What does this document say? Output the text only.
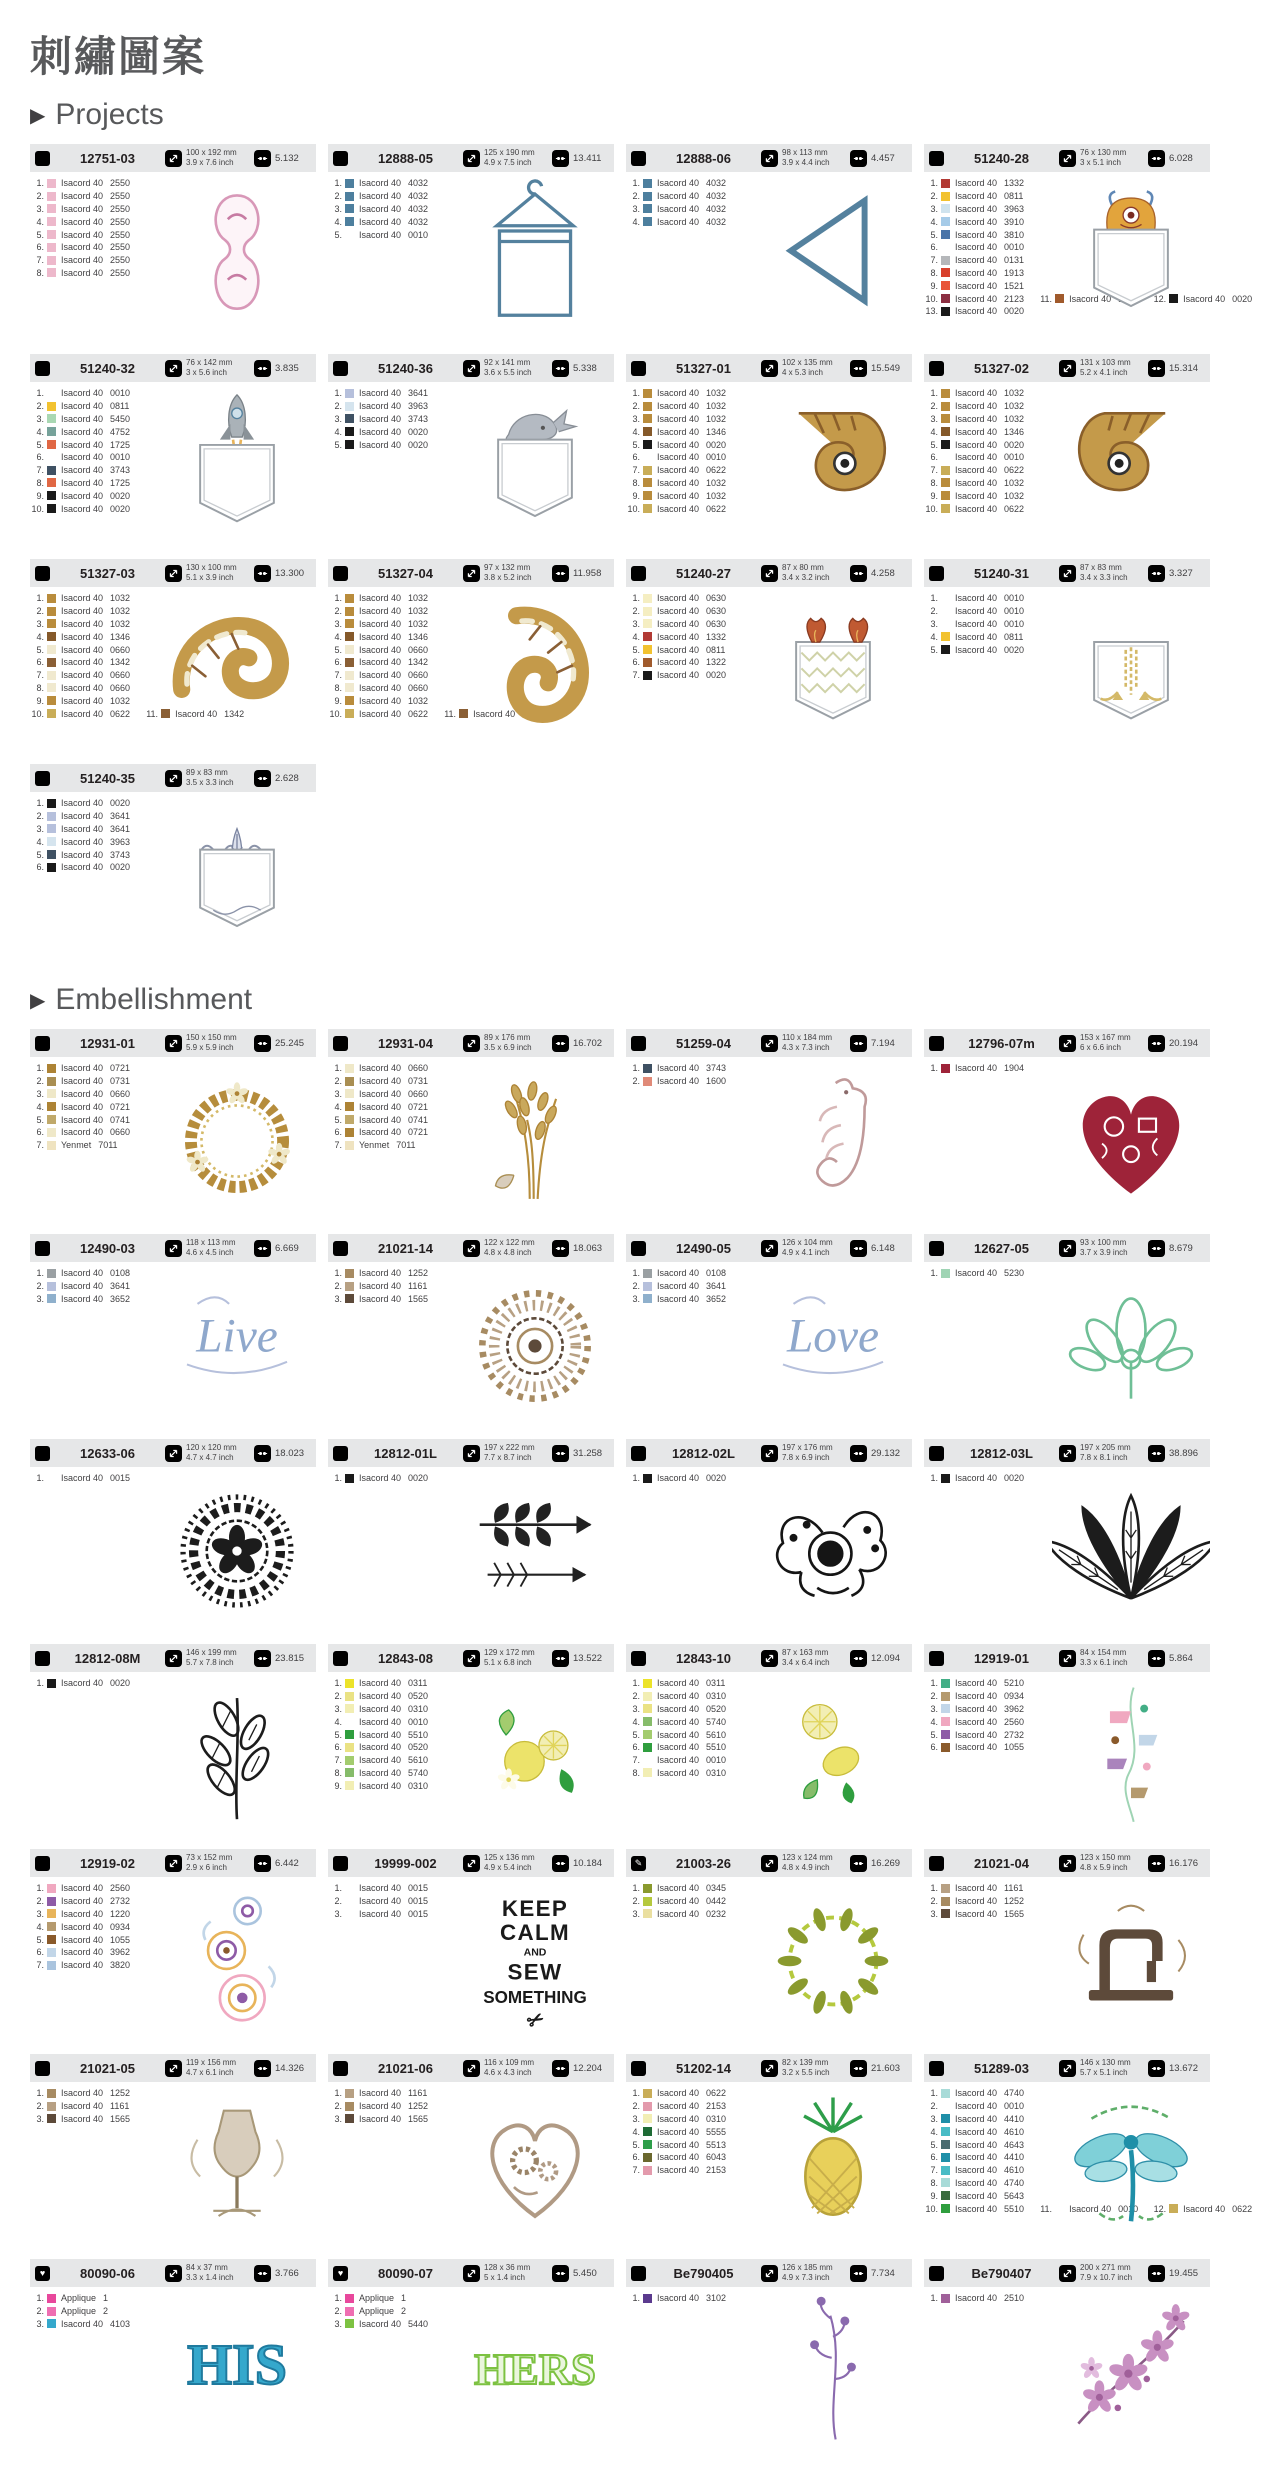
刺繡圖案
▶ Projects
12751-03	100 x 192 mm
3.9 x 7.6 inch	5.132
1. Isacord 40 2550
2. Isacord 40 2550
3. Isacord 40 2550
4. Isacord 40 2550
5. Isacord 40 2550
6. Isacord 40 2550
7. Isacord 40 2550
8. Isacord 40 2550
12888-05	125 x 190 mm
4.9 x 7.5 inch	13.411
1. Isacord 40 4032
2. Isacord 40 4032
3. Isacord 40 4032
4. Isacord 40 4032
5. Isacord 40 0010
12888-06	98 x 113 mm
3.9 x 4.4 inch	4.457
1. Isacord 40 4032
2. Isacord 40 4032
3. Isacord 40 4032
4. Isacord 40 4032
51240-28	76 x 130 mm
3 x 5.1 inch	6.028
1. Isacord 40 1332
2. Isacord 40 0811
3. Isacord 40 3963
4. Isacord 40 3910
5. Isacord 40 3810
6. Isacord 40 0010
7. Isacord 40 0131
8. Isacord 40 1913
9. Isacord 40 1521
10. Isacord 40 2123 11. Isacord 40	12. Isacord 40 0020
13. Isacord 40 0020
51240-32	76 x 142 mm
3 x 5.6 inch	3.835
1. Isacord 40 0010
2. Isacord 40 0811
3. Isacord 40 5450
4. Isacord 40 4752
5. Isacord 40 1725
6. Isacord 40 0010
7. Isacord 40 3743
8. Isacord 40 1725
9. Isacord 40 0020
10. Isacord 40 0020
51240-36	92 x 141 mm
3.6 x 5.5 inch	5.338
1. Isacord 40 3641
2. Isacord 40 3963
3. Isacord 40 3743
4. Isacord 40 0020
5. Isacord 40 0020
51327-01	102 x 135 mm
4 x 5.3 inch	15.549
1. Isacord 40 1032
2. Isacord 40 1032
3. Isacord 40 1032
4. Isacord 40 1346
5. Isacord 40 0020
6. Isacord 40 0010
7. Isacord 40 0622
8. Isacord 40 1032
9. Isacord 40 1032
10. Isacord 40 0622
51327-02	131 x 103 mm
5.2 x 4.1 inch	15.314
1. Isacord 40 1032
2. Isacord 40 1032
3. Isacord 40 1032
4. Isacord 40 1346
5. Isacord 40 0020
6. Isacord 40 0010
7. Isacord 40 0622
8. Isacord 40 1032
9. Isacord 40 1032
10. Isacord 40 0622
51327-03	130 x 100 mm
5.1 x 3.9 inch	13.300
1. Isacord 40 1032
2. Isacord 40 1032
3. Isacord 40 1032
4. Isacord 40 1346
5. Isacord 40 0660
6. Isacord 40 1342
7. Isacord 40 0660
8. Isacord 40 0660
9. Isacord 40 1032
10. Isacord 40 0622 11. Isacord 40 1342
51327-04	97 x 132 mm
3.8 x 5.2 inch	11.958
1. Isacord 40 1032
2. Isacord 40 1032
3. Isacord 40 1032
4. Isacord 40 1346
5. Isacord 40 0660
6. Isacord 40 1342
7. Isacord 40 0660
8. Isacord 40 0660
9. Isacord 40 1032
10. Isacord 40 0622 11. Isacord 40 1342
51240-27	87 x 80 mm
3.4 x 3.2 inch	4.258
1. Isacord 40 0630
2. Isacord 40 0630
3. Isacord 40 0630
4. Isacord 40 1332
5. Isacord 40 0811
6. Isacord 40 1322
7. Isacord 40 0020
51240-31	87 x 83 mm
3.4 x 3.3 inch	3.327
1. Isacord 40 0010
2. Isacord 40 0010
3. Isacord 40 0010
4. Isacord 40 0811
5. Isacord 40 0020
51240-35	89 x 83 mm
3.5 x 3.3 inch	2.628
1. Isacord 40 0020
2. Isacord 40 3641
3. Isacord 40 3641
4. Isacord 40 3963
5. Isacord 40 3743
6. Isacord 40 0020
▶ Embellishment
12931-01	150 x 150 mm
5.9 x 5.9 inch	25.245
1. Isacord 40 0721
2. Isacord 40 0731
3. Isacord 40 0660
4. Isacord 40 0721
5. Isacord 40 0741
6. Isacord 40 0660
7. Yenmet 7011
12931-04	89 x 176 mm
3.5 x 6.9 inch	16.702
1. Isacord 40 0660
2. Isacord 40 0731
3. Isacord 40 0660
4. Isacord 40 0721
5. Isacord 40 0741
6. Isacord 40 0721
7. Yenmet 7011
51259-04	110 x 184 mm
4.3 x 7.3 inch	7.194
1. Isacord 40 3743
2. Isacord 40 1600
12796-07m	153 x 167 mm
6 x 6.6 inch	20.194
1. Isacord 40 1904
12490-03	118 x 113 mm
4.6 x 4.5 inch	6.669
1. Isacord 40 0108
2. Isacord 40 3641
3. Isacord 40 3652
Live
21021-14	122 x 122 mm
4.8 x 4.8 inch	18.063
1. Isacord 40 1252
2. Isacord 40 1161
3. Isacord 40 1565
12490-05	126 x 104 mm
4.9 x 4.1 inch	6.148
1. Isacord 40 0108
2. Isacord 40 3641
3. Isacord 40 3652
Love
12627-05	93 x 100 mm
3.7 x 3.9 inch	8.679
1. Isacord 40 5230
12633-06	120 x 120 mm
4.7 x 4.7 inch	18.023
1. Isacord 40 0015
12812-01L	197 x 222 mm
7.7 x 8.7 inch	31.258
1. Isacord 40 0020
12812-02L	197 x 176 mm
7.8 x 6.9 inch	29.132
1. Isacord 40 0020
12812-03L	197 x 205 mm
7.8 x 8.1 inch	38.896
1. Isacord 40 0020
12812-08M	146 x 199 mm
5.7 x 7.8 inch	23.815
1. Isacord 40 0020
12843-08	129 x 172 mm
5.1 x 6.8 inch	13.522
1. Isacord 40 0311
2. Isacord 40 0520
3. Isacord 40 0310
4. Isacord 40 0010
5. Isacord 40 5510
6. Isacord 40 0520
7. Isacord 40 5610
8. Isacord 40 5740
9. Isacord 40 0310
12843-10	87 x 163 mm
3.4 x 6.4 inch	12.094
1. Isacord 40 0311
2. Isacord 40 0310
3. Isacord 40 0520
4. Isacord 40 5740
5. Isacord 40 5610
6. Isacord 40 5510
7. Isacord 40 0010
8. Isacord 40 0310
12919-01	84 x 154 mm
3.3 x 6.1 inch	5.864
1. Isacord 40 5210
2. Isacord 40 0934
3. Isacord 40 3962
4. Isacord 40 2560
5. Isacord 40 2732
6. Isacord 40 1055
12919-02	73 x 152 mm
2.9 x 6 inch	6.442
1. Isacord 40 2560
2. Isacord 40 2732
3. Isacord 40 1220
4. Isacord 40 0934
5. Isacord 40 1055
6. Isacord 40 3962
7. Isacord 40 3820
19999-002	125 x 136 mm
4.9 x 5.4 inch	10.184
1. Isacord 40 0015
2. Isacord 40 0015
3. Isacord 40 0015	KEEP
CALM
AND
SEW
SOMETHING
✂
✎	21003-26	123 x 124 mm
4.8 x 4.9 inch	16.269
1. Isacord 40 0345
2. Isacord 40 0442
3. Isacord 40 0232
21021-04	123 x 150 mm
4.8 x 5.9 inch	16.176
1. Isacord 40 1161
2. Isacord 40 1252
3. Isacord 40 1565
21021-05	119 x 156 mm
4.7 x 6.1 inch	14.326
1. Isacord 40 1252
2. Isacord 40 1161
3. Isacord 40 1565
21021-06	116 x 109 mm
4.6 x 4.3 inch	12.204
1. Isacord 40 1161
2. Isacord 40 1252
3. Isacord 40 1565
51202-14	82 x 139 mm
3.2 x 5.5 inch	21.603
1. Isacord 40 0622
2. Isacord 40 2153
3. Isacord 40 0310
4. Isacord 40 5555
5. Isacord 40 5513
6. Isacord 40 6043
7. Isacord 40 2153
51289-03	146 x 130 mm
5.7 x 5.1 inch	13.672
1. Isacord 40 4740
2. Isacord 40 0010
3. Isacord 40 4410
4. Isacord 40 4610
5. Isacord 40 4643
6. Isacord 40 4410
7. Isacord 40 4610
8. Isacord 40 4740
9. Isacord 40 5643
10. Isacord 40 5510 11. Isacord 40 0010 12. Isacord 40 0622
♥	80090-06	84 x 37 mm
3.3 x 1.4 inch	3.766
1. Applique 1
2. Applique 2
3. Isacord 40 4103
HIS
♥	80090-07	128 x 36 mm
5 x 1.4 inch	5.450
1. Applique 1
2. Applique 2
3. Isacord 40 5440
HERS
Be790405	126 x 185 mm
4.9 x 7.3 inch	7.734
1. Isacord 40 3102
Be790407	200 x 271 mm
7.9 x 10.7 inch	19.455
1. Isacord 40 2510
